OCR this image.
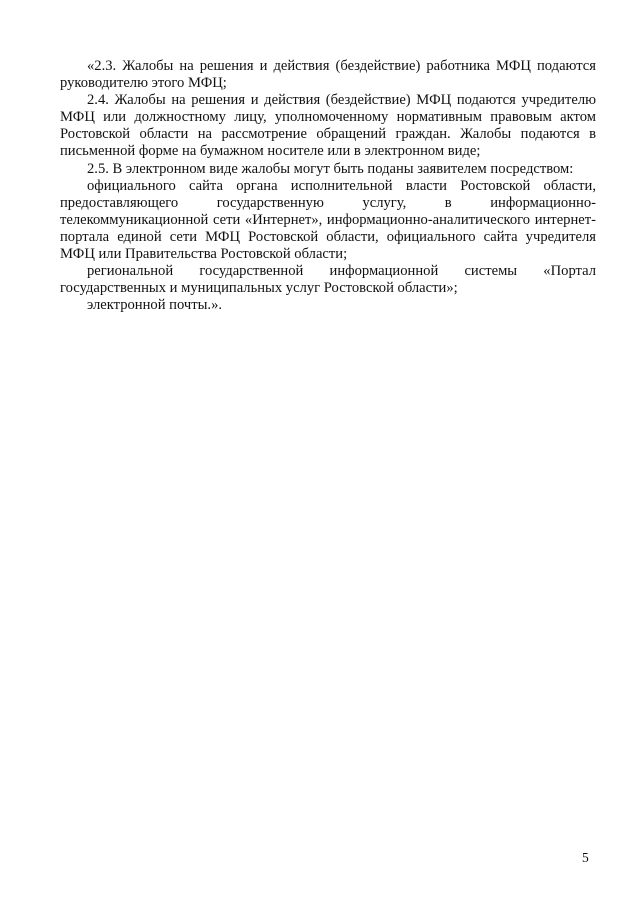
«2.3. Жалобы на решения и действия (бездействие) работника МФЦ подаются руководителю этого МФЦ;

2.4. Жалобы на решения и действия (бездействие) МФЦ подаются учредителю МФЦ или должностному лицу, уполномоченному нормативным правовым актом Ростовской области на рассмотрение обращений граждан. Жалобы подаются в письменной форме на бумажном носителе или в электронном виде;

2.5. В электронном виде жалобы могут быть поданы заявителем посредством:

официального сайта органа исполнительной власти Ростовской области, предоставляющего государственную услугу, в информационно-телекоммуникационной сети «Интернет», информационно-аналитического интернет-портала единой сети МФЦ Ростовской области, официального сайта учредителя МФЦ или Правительства Ростовской области;

региональной государственной информационной системы «Портал государственных и муниципальных услуг Ростовской области»;

электронной почты.».

5
